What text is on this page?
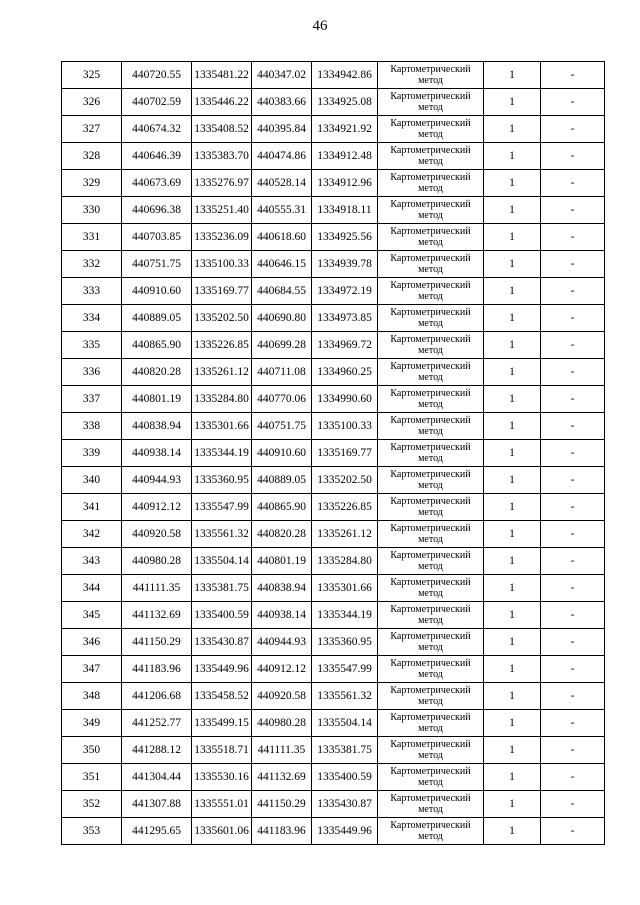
46
325	440720.55	1335481.22	440347.02	1334942.86	Картометрический
метод	1	-
326	440702.59	1335446.22	440383.66	1334925.08	Картометрический
метод	1	-
327	440674.32	1335408.52	440395.84	1334921.92	Картометрический
метод	1	-
328	440646.39	1335383.70	440474.86	1334912.48	Картометрический
метод	1	-
329	440673.69	1335276.97	440528.14	1334912.96	Картометрический
метод	1	-
330	440696.38	1335251.40	440555.31	1334918.11	Картометрический
метод	1	-
331	440703.85	1335236.09	440618.60	1334925.56	Картометрический
метод	1	-
332	440751.75	1335100.33	440646.15	1334939.78	Картометрический
метод	1	-
333	440910.60	1335169.77	440684.55	1334972.19	Картометрический
метод	1	-
334	440889.05	1335202.50	440690.80	1334973.85	Картометрический
метод	1	-
335	440865.90	1335226.85	440699.28	1334969.72	Картометрический
метод	1	-
336	440820.28	1335261.12	440711.08	1334960.25	Картометрический
метод	1	-
337	440801.19	1335284.80	440770.06	1334990.60	Картометрический
метод	1	-
338	440838.94	1335301.66	440751.75	1335100.33	Картометрический
метод	1	-
339	440938.14	1335344.19	440910.60	1335169.77	Картометрический
метод	1	-
340	440944.93	1335360.95	440889.05	1335202.50	Картометрический
метод	1	-
341	440912.12	1335547.99	440865.90	1335226.85	Картометрический
метод	1	-
342	440920.58	1335561.32	440820.28	1335261.12	Картометрический
метод	1	-
343	440980.28	1335504.14	440801.19	1335284.80	Картометрический
метод	1	-
344	441111.35	1335381.75	440838.94	1335301.66	Картометрический
метод	1	-
345	441132.69	1335400.59	440938.14	1335344.19	Картометрический
метод	1	-
346	441150.29	1335430.87	440944.93	1335360.95	Картометрический
метод	1	-
347	441183.96	1335449.96	440912.12	1335547.99	Картометрический
метод	1	-
348	441206.68	1335458.52	440920.58	1335561.32	Картометрический
метод	1	-
349	441252.77	1335499.15	440980.28	1335504.14	Картометрический
метод	1	-
350	441288.12	1335518.71	441111.35	1335381.75	Картометрический
метод	1	-
351	441304.44	1335530.16	441132.69	1335400.59	Картометрический
метод	1	-
352	441307.88	1335551.01	441150.29	1335430.87	Картометрический
метод	1	-
353	441295.65	1335601.06	441183.96	1335449.96	Картометрический
метод	1	-
